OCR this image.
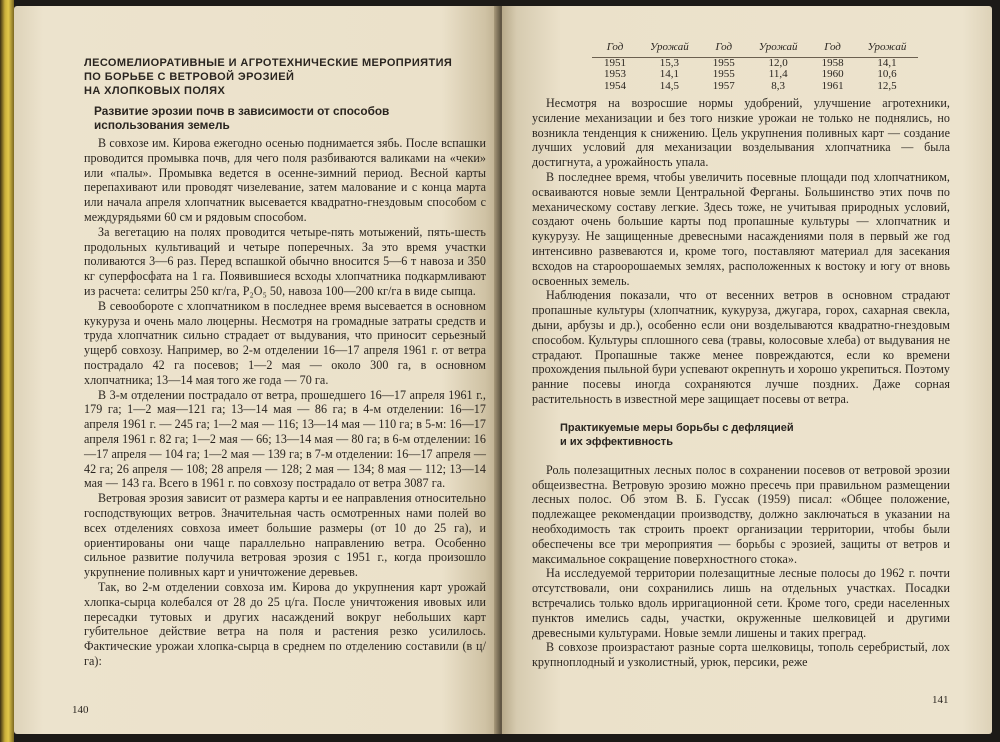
ЛЕСОМЕЛИОРАТИВНЫЕ И АГРОТЕХНИЧЕСКИЕ МЕРОПРИЯТИЯ
ПО БОРЬБЕ С ВЕТРОВОЙ ЭРОЗИЕЙ
НА ХЛОПКОВЫХ ПОЛЯХ
Развитие эрозии почв в зависимости от способов
использования земель

В совхозе им. Кирова ежегодно осенью поднимается зябь. После вспашки проводится промывка почв, для чего поля разбиваются валиками на «чеки» или «палы». Промывка ведется в осенне-зимний период. Весной карты перепахивают или проводят чизелевание, затем малование и с конца марта или начала апреля хлопчатник высевается квадратно-гнездовым способом с междурядьями 60 см и рядовым способом.

За вегетацию на полях проводится четыре-пять мотыжений, пять-шесть продольных культиваций и четыре поперечных. За это время участки поливаются 3—6 раз. Перед вспашкой обычно вносится 5—6 т навоза и 350 кг суперфосфата на 1 га. Появившиеся всходы хлопчатника подкармливают из расчета: селитры 250 кг/га, P₂O₅ 50, навоза 100—200 кг/га в виде сыпца.

В севообороте с хлопчатником в последнее время высевается в основном кукуруза и очень мало люцерны. Несмотря на громадные затраты средств и труда хлопчатник сильно страдает от выдувания, что приносит серьезный ущерб совхозу. Например, во 2-м отделении 16—17 апреля 1961 г. от ветра пострадало 42 га посевов; 1—2 мая — около 300 га, в основном хлопчатника; 13—14 мая того же года — 70 га.

В 3-м отделении пострадало от ветра, прошедшего 16—17 апреля 1961 г., 179 га; 1—2 мая—121 га; 13—14 мая — 86 га; в 4-м отделении: 16—17 апреля 1961 г. — 245 га; 1—2 мая — 116; 13—14 мая — 110 га; в 5-м: 16—17 апреля 1961 г. 82 га; 1—2 мая — 66; 13—14 мая — 80 га; в 6-м отделении: 16—17 апреля — 104 га; 1—2 мая — 139 га; в 7-м отделении: 16—17 апреля — 42 га; 26 апреля — 108; 28 апреля — 128; 2 мая — 134; 8 мая — 112; 13—14 мая — 143 га. Всего в 1961 г. по совхозу пострадало от ветра 3087 га.

Ветровая эрозия зависит от размера карты и ее направления относительно господствующих ветров. Значительная часть осмотренных нами полей во всех отделениях совхоза имеет большие размеры (от 10 до 25 га), и ориентированы они чаще параллельно направлению ветра. Особенно сильное развитие получила ветровая эрозия с 1951 г., когда произошло укрупнение поливных карт и уничтожение деревьев.

Так, во 2-м отделении совхоза им. Кирова до укрупнения карт урожай хлопка-сырца колебался от 28 до 25 ц/га. После уничтожения ивовых или пересадки тутовых и других насаждений вокруг небольших карт губительное действие ветра на поля и растения резко усилилось. Фактические урожаи хлопка-сырца в среднем по отделению составили (в ц/га):

140
Год	Урожай	Год	Урожай	Год	Урожай
1951	15,3	1955	12,0	1958	14,1
1953	14,1	1955	11,4	1960	10,6
1954	14,5	1957	8,3	1961	12,5

Несмотря на возросшие нормы удобрений, улучшение агротехники, усиление механизации и без того низкие урожаи не только не поднялись, но возникла тенденция к снижению. Цель укрупнения поливных карт — создание лучших условий для механизации возделывания хлопчатника — была достигнута, а урожайность упала.

В последнее время, чтобы увеличить посевные площади под хлопчатником, осваиваются новые земли Центральной Ферганы. Большинство этих почв по механическому составу легкие. Здесь тоже, не учитывая природных условий, создают очень большие карты под пропашные культуры — хлопчатник и кукурузу. Не защищенные древесными насаждениями поля в первый же год интенсивно развеваются и, кроме того, поставляют материал для засекания всходов на староорошаемых землях, расположенных к востоку и югу от вновь освоенных земель.

Наблюдения показали, что от весенних ветров в основном страдают пропашные культуры (хлопчатник, кукуруза, джугара, горох, сахарная свекла, дыни, арбузы и др.), особенно если они возделываются квадратно-гнездовым способом. Культуры сплошного сева (травы, колосовые хлеба) от выдувания не страдают. Пропашные также менее повреждаются, если ко времени прохождения пыльной бури успевают окрепнуть и хорошо укрепиться. Поэтому ранние посевы иногда сохраняются лучше поздних. Даже сорная растительность в известной мере защищает посевы от ветра.

Практикуемые меры борьбы с дефляцией
и их эффективность

Роль полезащитных лесных полос в сохранении посевов от ветровой эрозии общеизвестна. Ветровую эрозию можно пресечь при правильном размещении лесных полос. Об этом В. Б. Гуссак (1959) писал: «Общее положение, подлежащее рекомендации производству, должно заключаться в указании на необходимость так строить проект организации территории, чтобы были обеспечены все три мероприятия — борьбы с эрозией, защиты от ветров и максимальное сокращение поверхностного стока».

На исследуемой территории полезащитные лесные полосы до 1962 г. почти отсутствовали, они сохранились лишь на отдельных участках. Посадки встречались только вдоль ирригационной сети. Кроме того, среди населенных пунктов имелись сады, участки, окруженные шелковицей и другими древесными культурами. Новые земли лишены и таких преград.

В совхозе произрастают разные сорта шелковицы, тополь серебристый, лох крупноплодный и узколистный, урюк, персики, реже

141
